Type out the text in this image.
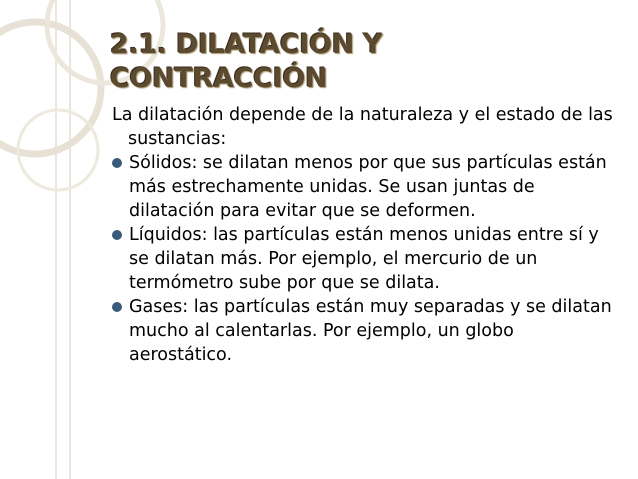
2.1. DILATACIÓN Y
CONTRACCIÓN

La dilatación depende de la naturaleza y el estado de las sustancias:

Sólidos: se dilatan menos por que sus partículas están más estrechamente unidas. Se usan juntas de dilatación para evitar que se deformen.
Líquidos: las partículas están menos unidas entre sí y se dilatan más. Por ejemplo, el mercurio de un termómetro sube por que se dilata.
Gases: las partículas están muy separadas y se dilatan mucho al calentarlas. Por ejemplo, un globo aerostático.
